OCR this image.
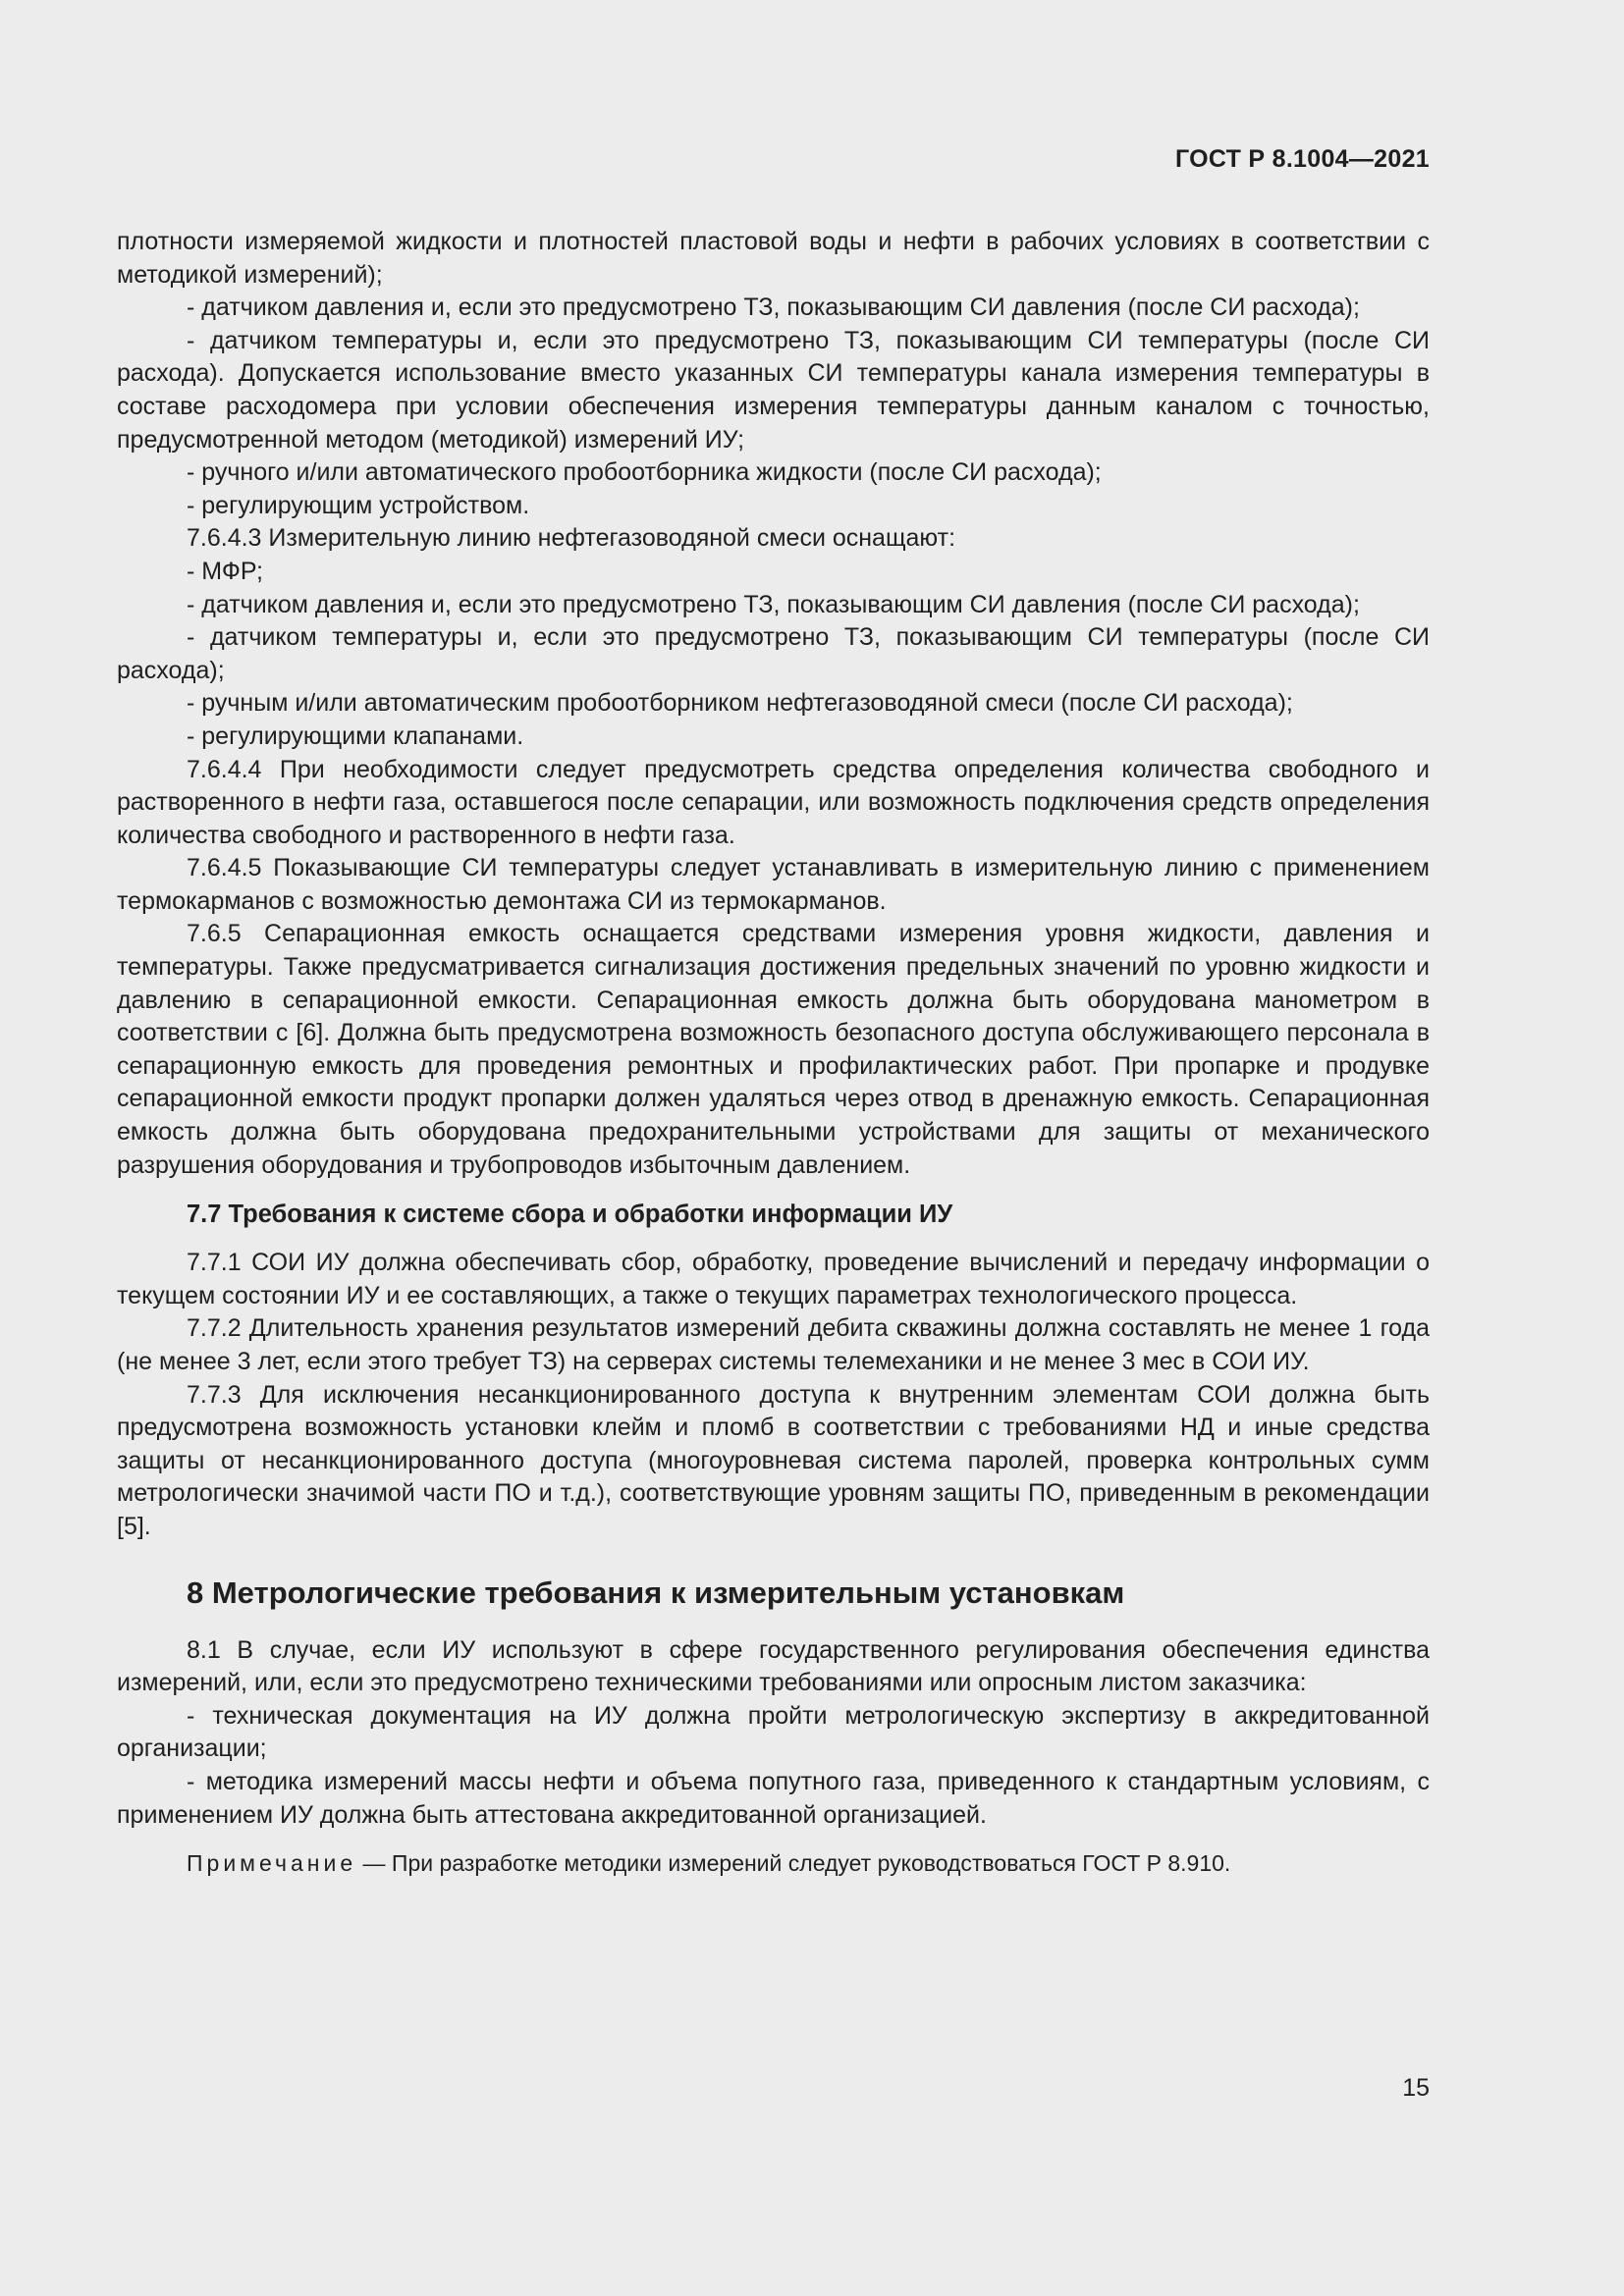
ГОСТ Р 8.1004—2021

плотности измеряемой жидкости и плотностей пластовой воды и нефти в рабочих условиях в соответствии с методикой измерений);

- датчиком давления и, если это предусмотрено ТЗ, показывающим СИ давления (после СИ расхода);

- датчиком температуры и, если это предусмотрено ТЗ, показывающим СИ температуры (после СИ расхода). Допускается использование вместо указанных СИ температуры канала измерения температуры в составе расходомера при условии обеспечения измерения температуры данным каналом с точностью, предусмотренной методом (методикой) измерений ИУ;

- ручного и/или автоматического пробоотборника жидкости (после СИ расхода);

- регулирующим устройством.

7.6.4.3 Измерительную линию нефтегазоводяной смеси оснащают:

- МФР;

- датчиком давления и, если это предусмотрено ТЗ, показывающим СИ давления (после СИ расхода);

- датчиком температуры и, если это предусмотрено ТЗ, показывающим СИ температуры (после СИ расхода);

- ручным и/или автоматическим пробоотборником нефтегазоводяной смеси (после СИ расхода);

- регулирующими клапанами.

7.6.4.4 При необходимости следует предусмотреть средства определения количества свободного и растворенного в нефти газа, оставшегося после сепарации, или возможность подключения средств определения количества свободного и растворенного в нефти газа.

7.6.4.5 Показывающие СИ температуры следует устанавливать в измерительную линию с применением термокарманов с возможностью демонтажа СИ из термокарманов.

7.6.5 Сепарационная емкость оснащается средствами измерения уровня жидкости, давления и температуры. Также предусматривается сигнализация достижения предельных значений по уровню жидкости и давлению в сепарационной емкости. Сепарационная емкость должна быть оборудована манометром в соответствии с [6]. Должна быть предусмотрена возможность безопасного доступа обслуживающего персонала в сепарационную емкость для проведения ремонтных и профилактических работ. При пропарке и продувке сепарационной емкости продукт пропарки должен удаляться через отвод в дренажную емкость. Сепарационная емкость должна быть оборудована предохранительными устройствами для защиты от механического разрушения оборудования и трубопроводов избыточным давлением.

7.7 Требования к системе сбора и обработки информации ИУ

7.7.1 СОИ ИУ должна обеспечивать сбор, обработку, проведение вычислений и передачу информации о текущем состоянии ИУ и ее составляющих, а также о текущих параметрах технологического процесса.

7.7.2 Длительность хранения результатов измерений дебита скважины должна составлять не менее 1 года (не менее 3 лет, если этого требует ТЗ) на серверах системы телемеханики и не менее 3 мес в СОИ ИУ.

7.7.3 Для исключения несанкционированного доступа к внутренним элементам СОИ должна быть предусмотрена возможность установки клейм и пломб в соответствии с требованиями НД и иные средства защиты от несанкционированного доступа (многоуровневая система паролей, проверка контрольных сумм метрологически значимой части ПО и т.д.), соответствующие уровням защиты ПО, приведенным в рекомендации [5].

8 Метрологические требования к измерительным установкам

8.1 В случае, если ИУ используют в сфере государственного регулирования обеспечения единства измерений, или, если это предусмотрено техническими требованиями или опросным листом заказчика:

- техническая документация на ИУ должна пройти метрологическую экспертизу в аккредитованной организации;

- методика измерений массы нефти и объема попутного газа, приведенного к стандартным условиям, с применением ИУ должна быть аттестована аккредитованной организацией.

Примечание — При разработке методики измерений следует руководствоваться ГОСТ Р 8.910.
15
